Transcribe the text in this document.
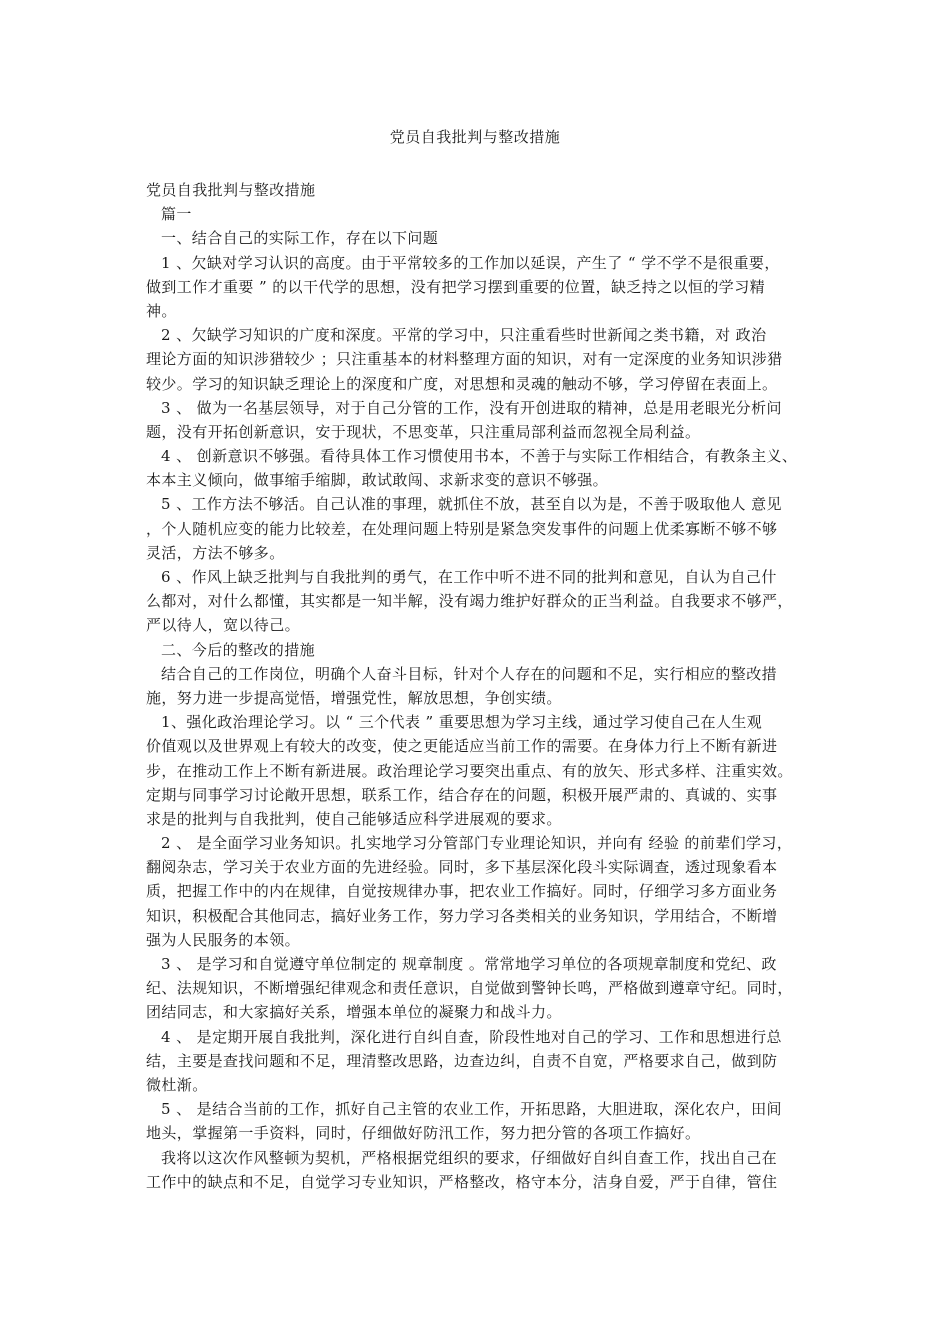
党员自我批判与整改措施
党员自我批判与整改措施
篇一
一、结合自己的实际工作，存在以下问题
1 、欠缺对学习认识的高度。由于平常较多的工作加以延误，产生了 “ 学不学不是很重要，
做到工作才重要 ” 的以干代学的思想，没有把学习摆到重要的位置，缺乏持之以恒的学习精
神。
2 、欠缺学习知识的广度和深度。平常的学习中，只注重看些时世新闻之类书籍，对 政治
理论方面的知识涉猎较少 ；只注重基本的材料整理方面的知识，对有一定深度的业务知识涉猎
较少。学习的知识缺乏理论上的深度和广度，对思想和灵魂的触动不够，学习停留在表面上。
3 、 做为一名基层领导，对于自己分管的工作，没有开创进取的精神，总是用老眼光分析问
题，没有开拓创新意识，安于现状，不思变革，只注重局部利益而忽视全局利益。
4 、 创新意识不够强。看待具体工作习惯使用书本，不善于与实际工作相结合，有教条主义、
本本主义倾向，做事缩手缩脚，敢试敢闯、求新求变的意识不够强。
5 、工作方法不够活。自己认准的事理，就抓住不放，甚至自以为是，不善于吸取他人 意见
，个人随机应变的能力比较差，在处理问题上特别是紧急突发事件的问题上优柔寡断不够不够
灵活，方法不够多。
6 、作风上缺乏批判与自我批判的勇气，在工作中听不进不同的批判和意见，自认为自己什
么都对，对什么都懂，其实都是一知半解，没有竭力维护好群众的正当利益。自我要求不够严，
严以待人，宽以待己。
二、今后的整改的措施
结合自己的工作岗位，明确个人奋斗目标，针对个人存在的问题和不足，实行相应的整改措
施，努力进一步提高觉悟，增强党性，解放思想，争创实绩。
1、强化政治理论学习。以 “ 三个代表 ” 重要思想为学习主线，通过学习使自己在人生观
价值观以及世界观上有较大的改变，使之更能适应当前工作的需要。在身体力行上不断有新进
步，在推动工作上不断有新进展。政治理论学习要突出重点、有的放矢、形式多样、注重实效。
定期与同事学习讨论敞开思想，联系工作，结合存在的问题，积极开展严肃的、真诚的、实事
求是的批判与自我批判，使自己能够适应科学进展观的要求。
2 、 是全面学习业务知识。扎实地学习分管部门专业理论知识，并向有 经验 的前辈们学习，
翻阅杂志，学习关于农业方面的先进经验。同时，多下基层深化段斗实际调查，透过现象看本
质，把握工作中的内在规律，自觉按规律办事，把农业工作搞好。同时，仔细学习多方面业务
知识，积极配合其他同志，搞好业务工作，努力学习各类相关的业务知识，学用结合，不断增
强为人民服务的本领。
3 、 是学习和自觉遵守单位制定的 规章制度 。常常地学习单位的各项规章制度和党纪、政
纪、法规知识，不断增强纪律观念和责任意识，自觉做到警钟长鸣，严格做到遵章守纪。同时，
团结同志，和大家搞好关系，增强本单位的凝聚力和战斗力。
4 、 是定期开展自我批判，深化进行自纠自查，阶段性地对自己的学习、工作和思想进行总
结，主要是查找问题和不足，理清整改思路，边查边纠，自责不自宽，严格要求自己，做到防
微杜渐。
5 、 是结合当前的工作，抓好自己主管的农业工作，开拓思路，大胆进取，深化农户，田间
地头，掌握第一手资料，同时，仔细做好防汛工作，努力把分管的各项工作搞好。
我将以这次作风整顿为契机，严格根据党组织的要求，仔细做好自纠自查工作，找出自己在
工作中的缺点和不足，自觉学习专业知识，严格整改，格守本分，洁身自爱，严于自律，管住
